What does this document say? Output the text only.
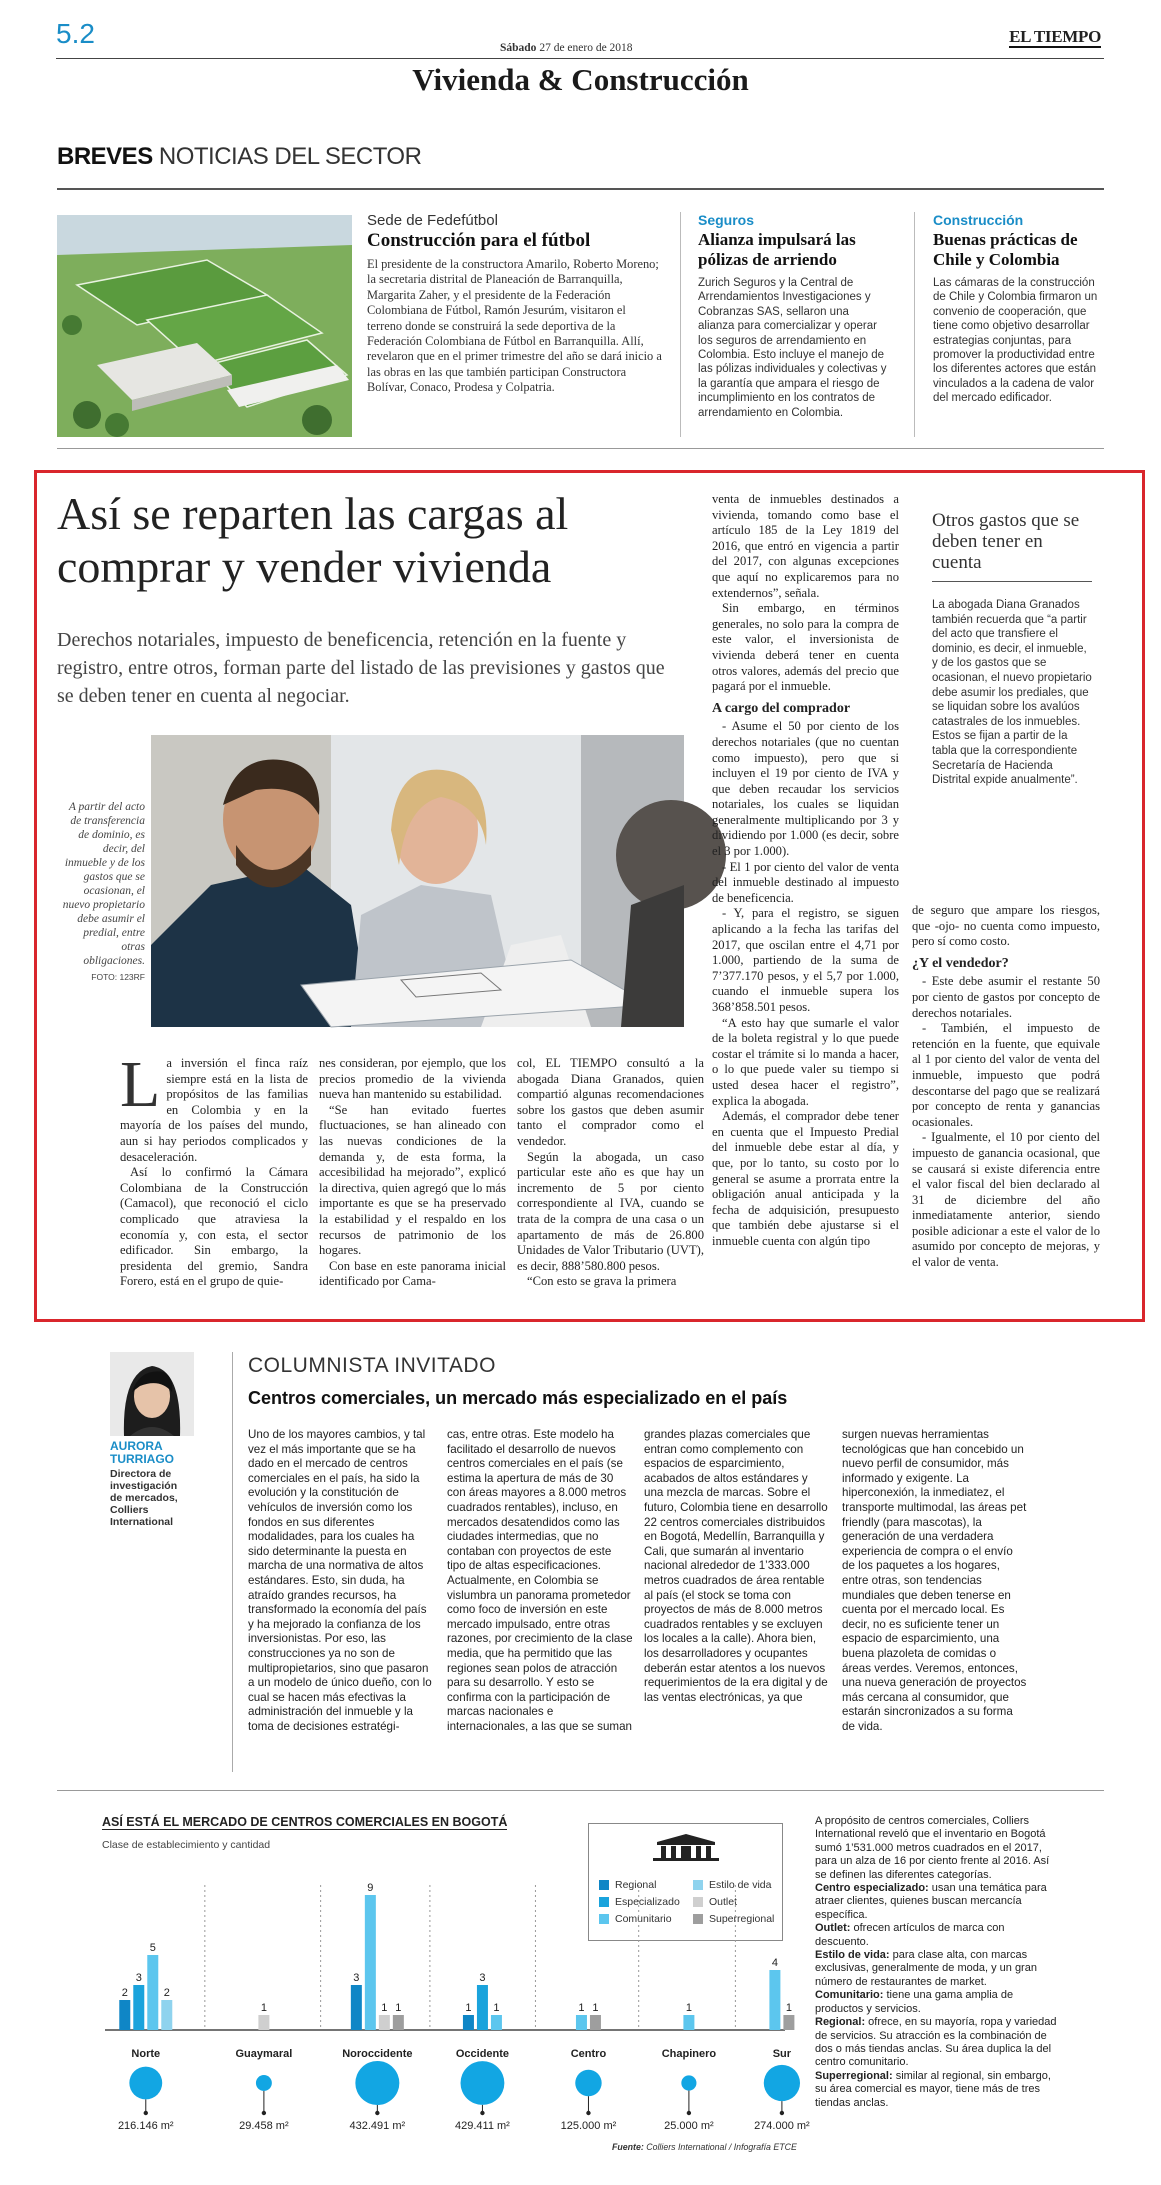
5.2	Sábado 27 de enero de 2018
EL TIEMPO
Vivienda & Construcción
BREVES NOTICIAS DEL SECTOR
Sede de Fedefútbol
Construcción para el fútbol
El presidente de la constructora Amarilo, Roberto Moreno; la secretaria distrital de Planeación de Barranquilla, Margarita Zaher, y el presidente de la Federación Colombiana de Fútbol, Ramón Jesurúm, visitaron el terreno donde se construirá la sede deportiva de la Federación Colombiana de Fútbol en Barranquilla. Allí, revelaron que en el primer trimestre del año se dará inicio a las obras en las que también participan Constructora Bolívar, Conaco, Prodesa y Colpatria.
Seguros
Alianza impulsará las pólizas de arriendo
Zurich Seguros y la Central de Arrendamientos Investigaciones y Cobranzas SAS, sellaron una alianza para comercializar y operar los seguros de arrendamiento en Colombia. Esto incluye el manejo de las pólizas individuales y colectivas y la garantía que ampara el riesgo de incumplimiento en los contratos de arrendamiento en Colombia.
Construcción
Buenas prácticas de Chile y Colombia
Las cámaras de la construcción de Chile y Colombia firmaron un convenio de cooperación, que tiene como objetivo desarrollar estrategias conjuntas, para promover la productividad entre los diferentes actores que están vinculados a la cadena de valor del mercado edificador.
Así se reparten las cargas al comprar y vender vivienda
Derechos notariales, impuesto de beneficencia, retención en la fuente y registro, entre otros, forman parte del listado de las previsiones y gastos que se deben tener en cuenta al negociar.
A partir del acto de transferencia de dominio, es decir, del inmueble y de los gastos que se ocasionan, el nuevo propietario debe asumir el predial, entre otras obligaciones.
FOTO: 123RF
L a inversión el finca raíz siempre está en la lista de propósitos de las familias en Colombia y en la mayoría de los países del mundo, aun si hay periodos complicados y desaceleración.

Así lo confirmó la Cámara Colombiana de la Construcción (Camacol), que reconoció el ciclo complicado que atraviesa la economía y, con esta, el sector edificador. Sin embargo, la presidenta del gremio, Sandra Forero, está en el grupo de quie-

nes consideran, por ejemplo, que los precios promedio de la vivienda nueva han mantenido su estabilidad.

“Se han evitado fuertes fluctuaciones, se han alineado con las nuevas condiciones de la demanda y, de esta forma, la accesibilidad ha mejorado”, explicó la directiva, quien agregó que lo más importante es que se ha preservado la estabilidad y el respaldo en los recursos de patrimonio de los hogares.

Con base en este panorama inicial identificado por Cama-

col, EL TIEMPO consultó a la abogada Diana Granados, quien compartió algunas recomendaciones sobre los gastos que deben asumir tanto el comprador como el vendedor.

Según la abogada, un caso particular este año es que hay un incremento de 5 por ciento correspondiente al IVA, cuando se trata de la compra de una casa o un apartamento de más de 26.800 Unidades de Valor Tributario (UVT), es decir, 888’580.800 pesos.

“Con esto se grava la primera

venta de inmuebles destinados a vivienda, tomando como base el artículo 185 de la Ley 1819 del 2016, que entró en vigencia a partir del 2017, con algunas excepciones que aquí no explicaremos para no extendernos”, señala.

Sin embargo, en términos generales, no solo para la compra de este valor, el inversionista de vivienda deberá tener en cuenta otros valores, además del precio que pagará por el inmueble.

A cargo del comprador

- Asume el 50 por ciento de los derechos notariales (que no cuentan como impuesto), pero que si incluyen el 19 por ciento de IVA y que deben recaudar los servicios notariales, los cuales se liquidan generalmente multiplicando por 3 y dividiendo por 1.000 (es decir, sobre el 3 por 1.000).

- El 1 por ciento del valor de venta del inmueble destinado al impuesto de beneficencia.

- Y, para el registro, se siguen aplicando a la fecha las tarifas del 2017, que oscilan entre el 4,71 por 1.000, partiendo de la suma de 7’377.170 pesos, y el 5,7 por 1.000, cuando el inmueble supera los 368’858.501 pesos.

“A esto hay que sumarle el valor de la boleta registral y lo que puede costar el trámite si lo manda a hacer, o lo que puede valer su tiempo si usted desea hacer el registro”, explica la abogada.

Además, el comprador debe tener en cuenta que el Impuesto Predial del inmueble debe estar al día, y que, por lo tanto, su costo por lo general se asume a prorrata entre la obligación anual anticipada y la fecha de adquisición, presupuesto que también debe ajustarse si el inmueble cuenta con algún tipo

Otros gastos que se deben tener en cuenta
La abogada Diana Granados también recuerda que “a partir del acto que transfiere el dominio, es decir, el inmueble, y de los gastos que se ocasionan, el nuevo propietario debe asumir los prediales, que se liquidan sobre los avalúos catastrales de los inmuebles. Estos se fijan a partir de la tabla que la correspondiente Secretaría de Hacienda Distrital expide anualmente”.

de seguro que ampare los riesgos, que -ojo- no cuenta como impuesto, pero sí como costo.

¿Y el vendedor?

- Este debe asumir el restante 50 por ciento de gastos por concepto de derechos notariales.

- También, el impuesto de retención en la fuente, que equivale al 1 por ciento del valor de venta del inmueble, impuesto que podrá descontarse del pago que se realizará por concepto de renta y ganancias ocasionales.

- Igualmente, el 10 por ciento del impuesto de ganancia ocasional, que se causará si existe diferencia entre el valor fiscal del bien declarado al 31 de diciembre del año inmediatamente anterior, siendo posible adicionar a este el valor de lo asumido por concepto de mejoras, y el valor de venta.

AURORA TURRIAGO
Directora de investigación de mercados, Colliers International
COLUMNISTA INVITADO
Centros comerciales, un mercado más especializado en el país
Uno de los mayores cambios, y tal vez el más importante que se ha dado en el mercado de centros comerciales en el país, ha sido la evolución y la constitución de vehículos de inversión como los fondos en sus diferentes modalidades, para los cuales ha sido determinante la puesta en marcha de una normativa de altos estándares. Esto, sin duda, ha atraído grandes recursos, ha transformado la economía del país y ha mejorado la confianza de los inversionistas. Por eso, las construcciones ya no son de multipropietarios, sino que pasaron a un modelo de único dueño, con lo cual se hacen más efectivas la administración del inmueble y la toma de decisiones estratégi-
cas, entre otras. Este modelo ha facilitado el desarrollo de nuevos centros comerciales en el país (se estima la apertura de más de 30 con áreas mayores a 8.000 metros cuadrados rentables), incluso, en mercados desatendidos como las ciudades intermedias, que no contaban con proyectos de este tipo de altas especificaciones. Actualmente, en Colombia se vislumbra un panorama prometedor como foco de inversión en este mercado impulsado, entre otras razones, por crecimiento de la clase media, que ha permitido que las regiones sean polos de atracción para su desarrollo. Y esto se confirma con la participación de marcas nacionales e internacionales, a las que se suman
grandes plazas comerciales que entran como complemento con espacios de esparcimiento, acabados de altos estándares y una mezcla de marcas. Sobre el futuro, Colombia tiene en desarrollo 22 centros comerciales distribuidos en Bogotá, Medellín, Barranquilla y Cali, que sumarán al inventario nacional alrededor de 1’333.000 metros cuadrados de área rentable al país (el stock se toma con proyectos de más de 8.000 metros cuadrados rentables y se excluyen los locales a la calle). Ahora bien, los desarrolladores y ocupantes deberán estar atentos a los nuevos requerimientos de la era digital y de las ventas electrónicas, ya que
surgen nuevas herramientas tecnológicas que han concebido un nuevo perfil de consumidor, más informado y exigente. La hiperconexión, la inmediatez, el transporte multimodal, las áreas pet friendly (para mascotas), la generación de una verdadera experiencia de compra o el envío de los paquetes a los hogares, entre otras, son tendencias mundiales que deben tenerse en cuenta por el mercado local. Es decir, no es suficiente tener un espacio de esparcimiento, una buena plazoleta de comidas o áreas verdes. Veremos, entonces, una nueva generación de proyectos más cercana al consumidor, que estarán sincronizados a su forma de vida.
ASÍ ESTÁ EL MERCADO DE CENTROS COMERCIALES EN BOGOTÁ
Clase de establecimiento y cantidad
Regional	Estilo de vida
Especializado	Outlet
Comunitario	Superregional
2
3
5
2
Norte
216.146 m²
1
Guaymaral
29.458 m²
3
9
1 1
Noroccidente
432.491 m²
1
3
1
Occidente
429.411 m²
1 1
Centro
125.000 m²
1
Chapinero
25.000 m²
4
1
Sur
274.000 m²
Fuente: Colliers International / Infografía ETCE
A propósito de centros comerciales, Colliers International reveló que el inventario en Bogotá sumó 1’531.000 metros cuadrados en el 2017, para un alza de 16 por ciento frente al 2016. Así se definen las diferentes categorías.
Centro especializado: usan una temática para atraer clientes, quienes buscan mercancía específica.
Outlet: ofrecen artículos de marca con descuento.
Estilo de vida: para clase alta, con marcas exclusivas, generalmente de moda, y un gran número de restaurantes de market.
Comunitario: tiene una gama amplia de productos y servicios.
Regional: ofrece, en su mayoría, ropa y variedad de servicios. Su atracción es la combinación de dos o más tiendas anclas. Su área duplica la del centro comunitario.
Superregional: similar al regional, sin embargo, su área comercial es mayor, tiene más de tres tiendas anclas.
